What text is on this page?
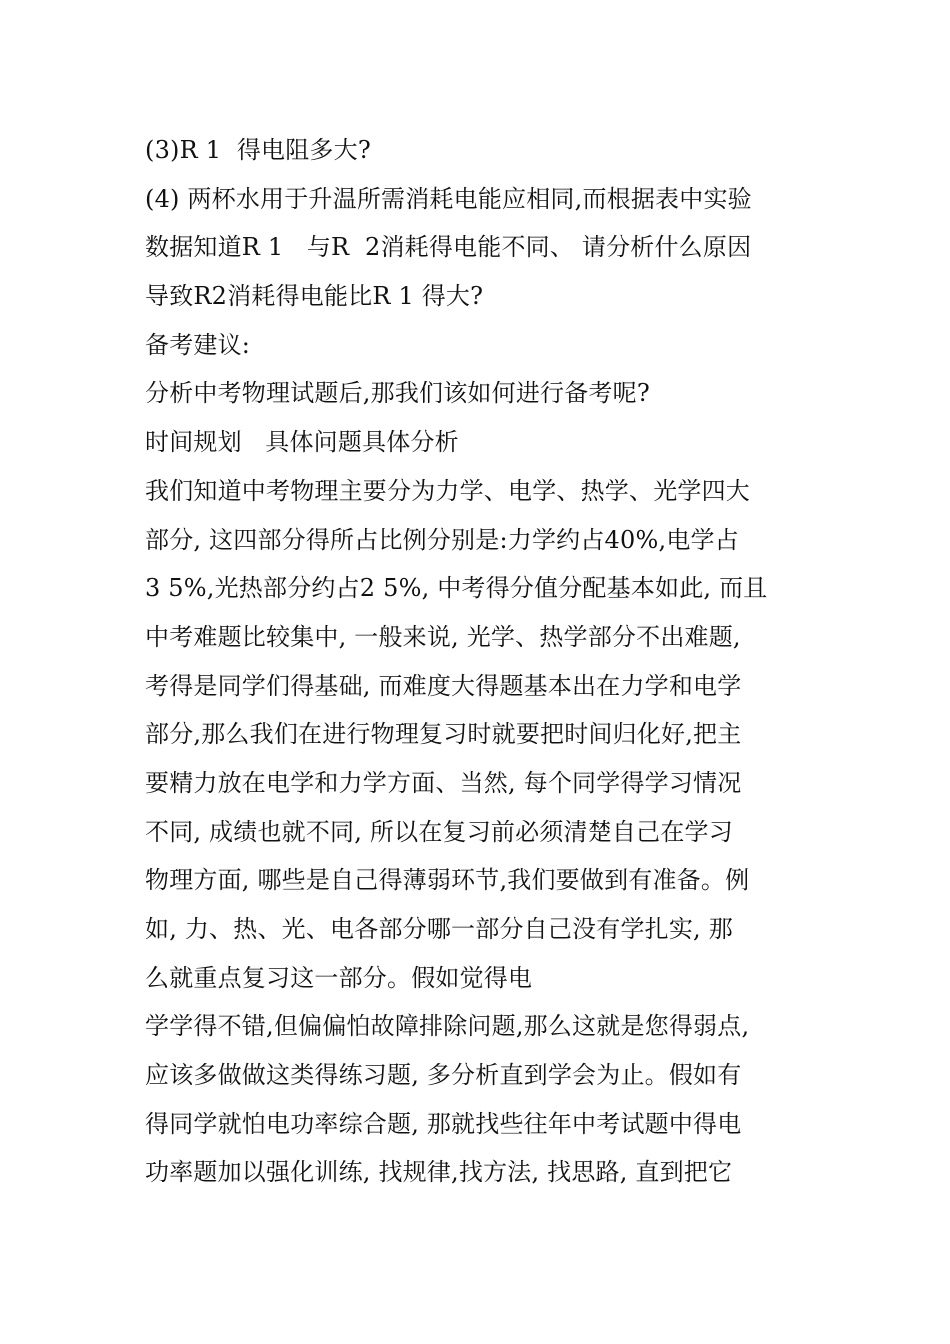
(3)R 1  得电阻多大?
(4) 两杯水用于升温所需消耗电能应相同,而根据表中实验
数据知道R 1   与R  2消耗得电能不同、 请分析什么原因
导致R2消耗得电能比R 1 得大?
备考建议:
分析中考物理试题后,那我们该如何进行备考呢?
时间规划   具体问题具体分析
我们知道中考物理主要分为力学、电学、热学、光学四大
部分, 这四部分得所占比例分别是:力学约占40%,电学占
3 5%,光热部分约占2 5%, 中考得分值分配基本如此, 而且
中考难题比较集中, 一般来说, 光学、热学部分不出难题,
考得是同学们得基础, 而难度大得题基本出在力学和电学
部分,那么我们在进行物理复习时就要把时间归化好,把主
要精力放在电学和力学方面、当然, 每个同学得学习情况
不同, 成绩也就不同, 所以在复习前必须清楚自己在学习
物理方面, 哪些是自己得薄弱环节,我们要做到有准备。例
如, 力、热、光、电各部分哪一部分自己没有学扎实, 那
么就重点复习这一部分。假如觉得电
学学得不错,但偏偏怕故障排除问题,那么这就是您得弱点,
应该多做做这类得练习题, 多分析直到学会为止。假如有
得同学就怕电功率综合题, 那就找些往年中考试题中得电
功率题加以强化训练, 找规律,找方法, 找思路, 直到把它
